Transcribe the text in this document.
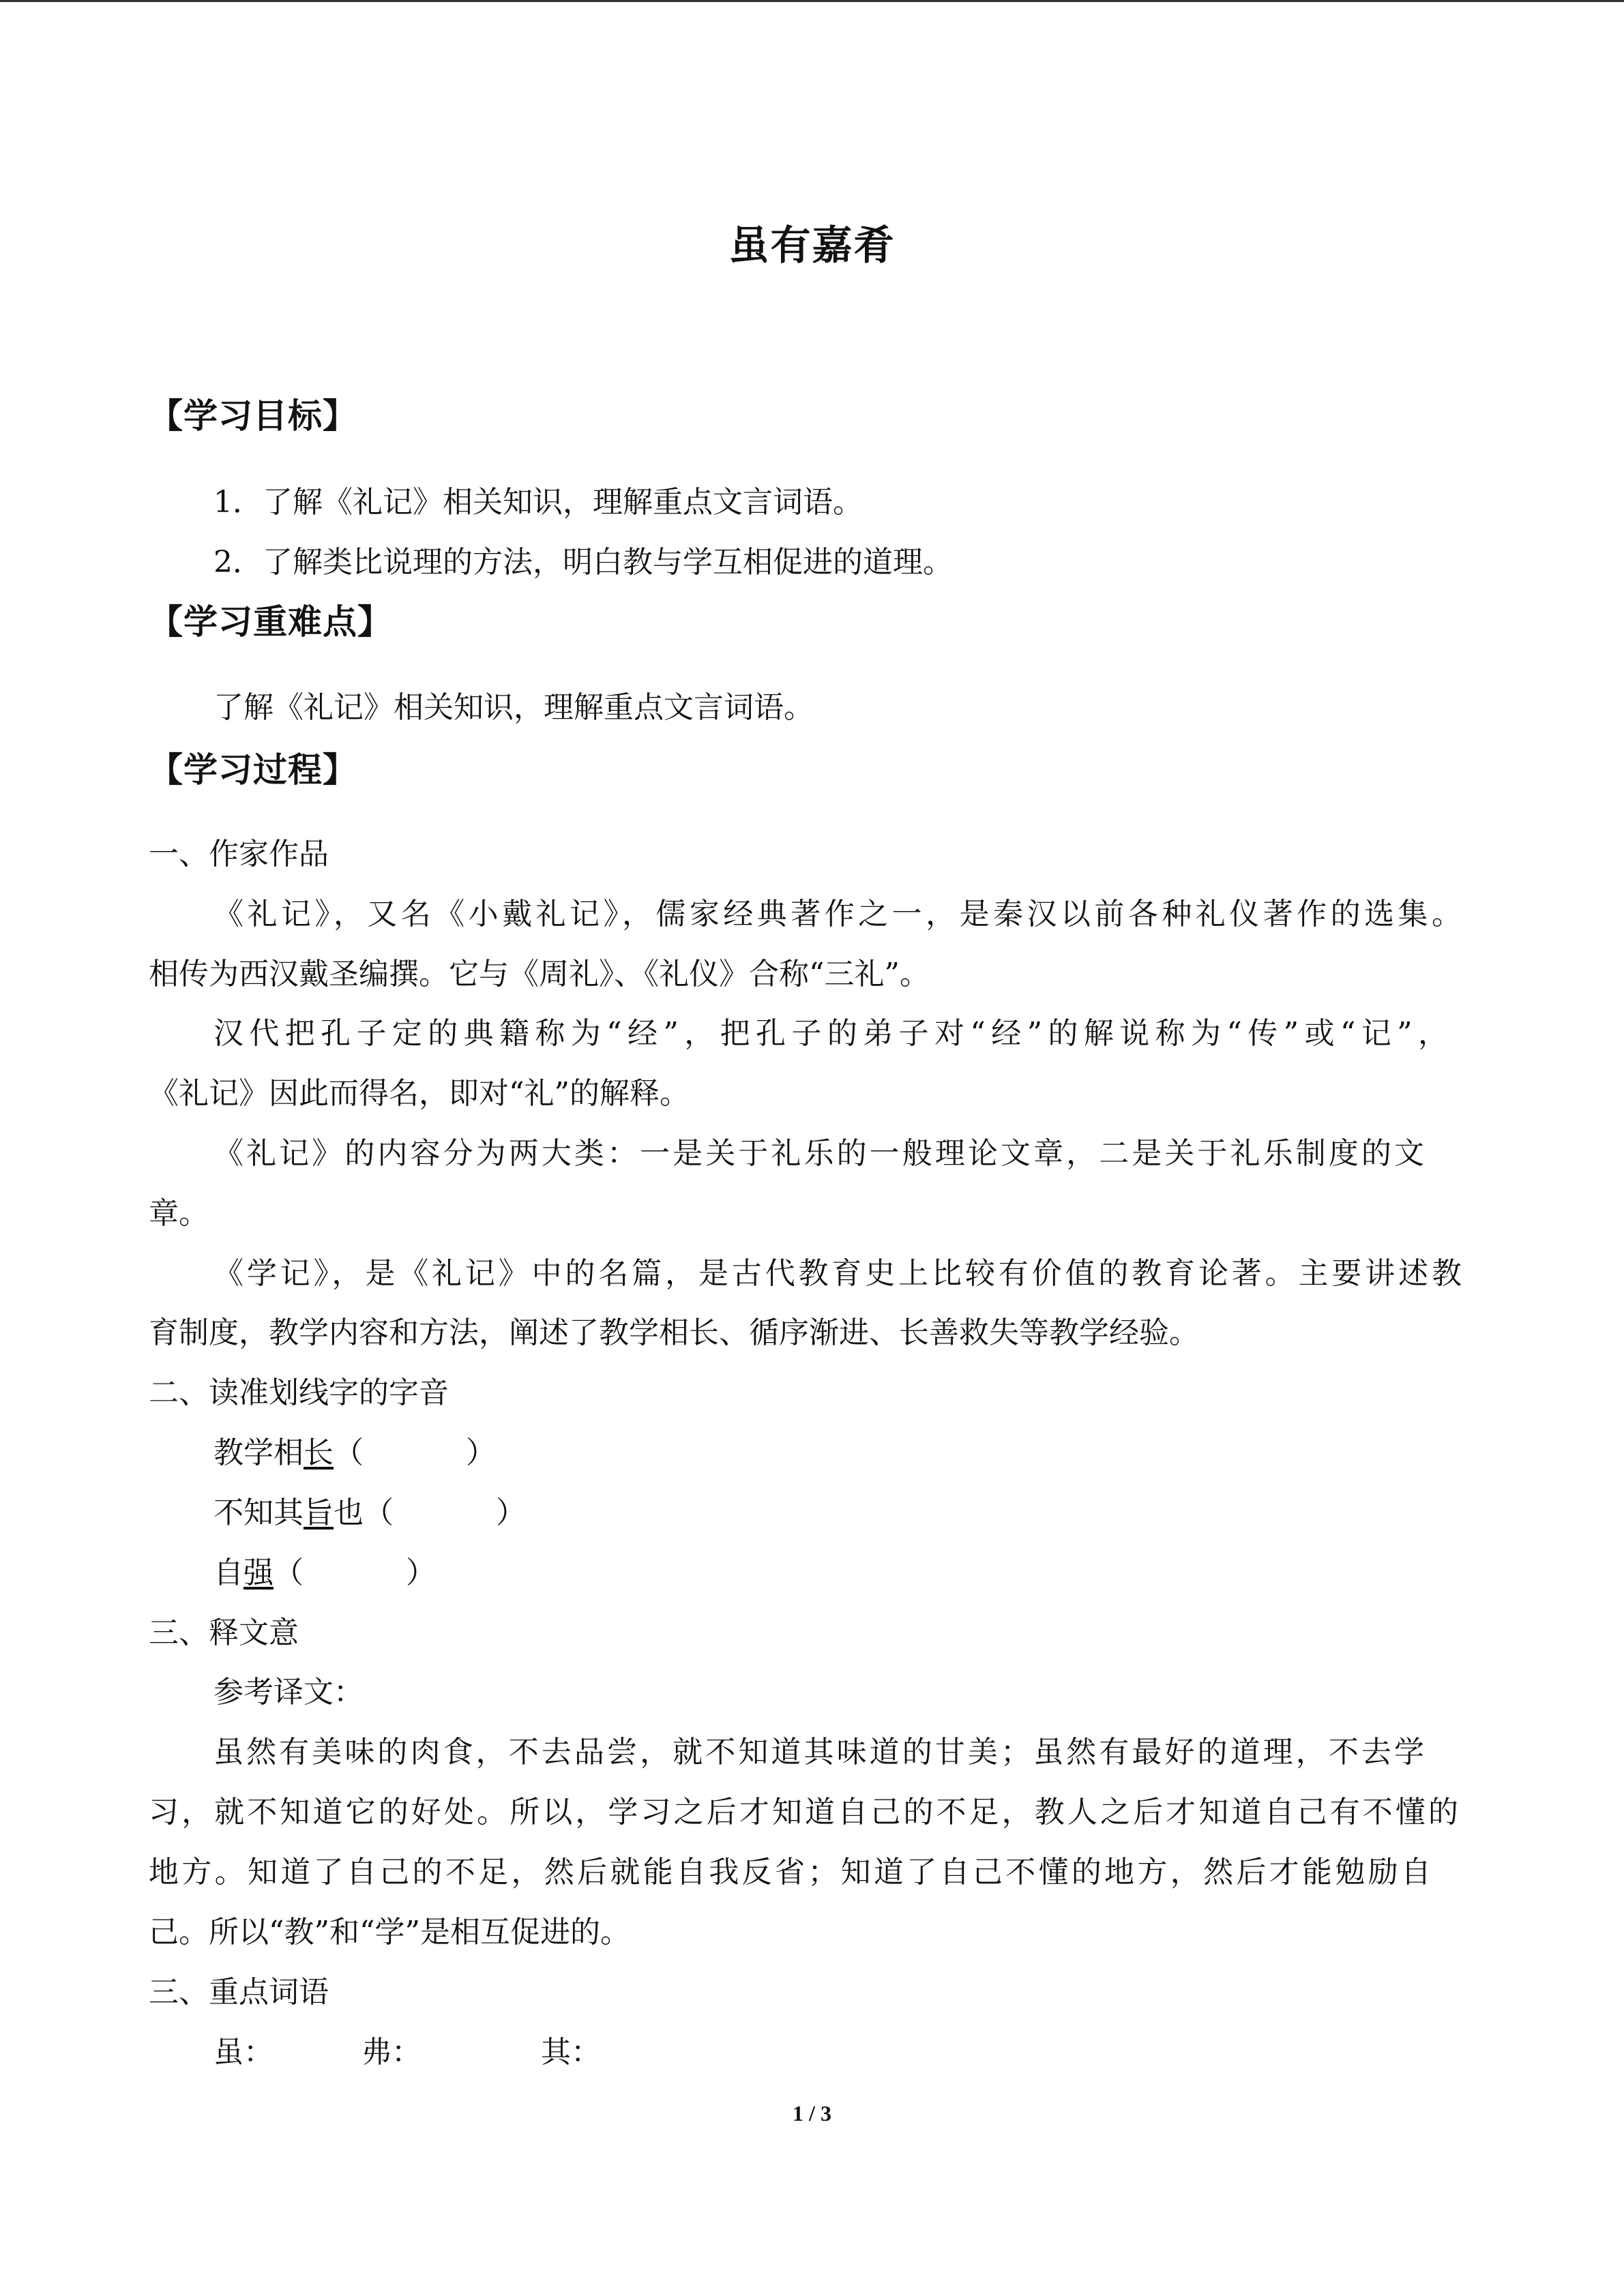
虽有嘉肴
【学习目标】
1．了解《礼记》相关知识，理解重点文言词语。
2．了解类比说理的方法，明白教与学互相促进的道理。
【学习重难点】
了解《礼记》相关知识，理解重点文言词语。
【学习过程】
一、作家作品
《礼记》，又名《小戴礼记》，儒家经典著作之一，是秦汉以前各种礼仪著作的选集。
相传为西汉戴圣编撰。它与《周礼》、《礼仪》合称“三礼”。
汉代把孔子定的典籍称为“经”，把孔子的弟子对“经”的解说称为“传”或“记”，
《礼记》因此而得名，即对“礼”的解释。
《礼记》的内容分为两大类：一是关于礼乐的一般理论文章，二是关于礼乐制度的文
章。
《学记》，是《礼记》中的名篇，是古代教育史上比较有价值的教育论著。主要讲述教
育制度，教学内容和方法，阐述了教学相长、循序渐进、长善救失等教学经验。
二、读准划线字的字音
教学相长（	）
不知其旨也（	）
自强（	）
三、释文意
参考译文：
虽然有美味的肉食，不去品尝，就不知道其味道的甘美；虽然有最好的道理，不去学
习，就不知道它的好处。所以，学习之后才知道自己的不足，教人之后才知道自己有不懂的
地方。知道了自己的不足，然后就能自我反省；知道了自己不懂的地方，然后才能勉励自
己。所以“教”和“学”是相互促进的。
三、重点词语
虽：	弗：	其：
1 / 3
